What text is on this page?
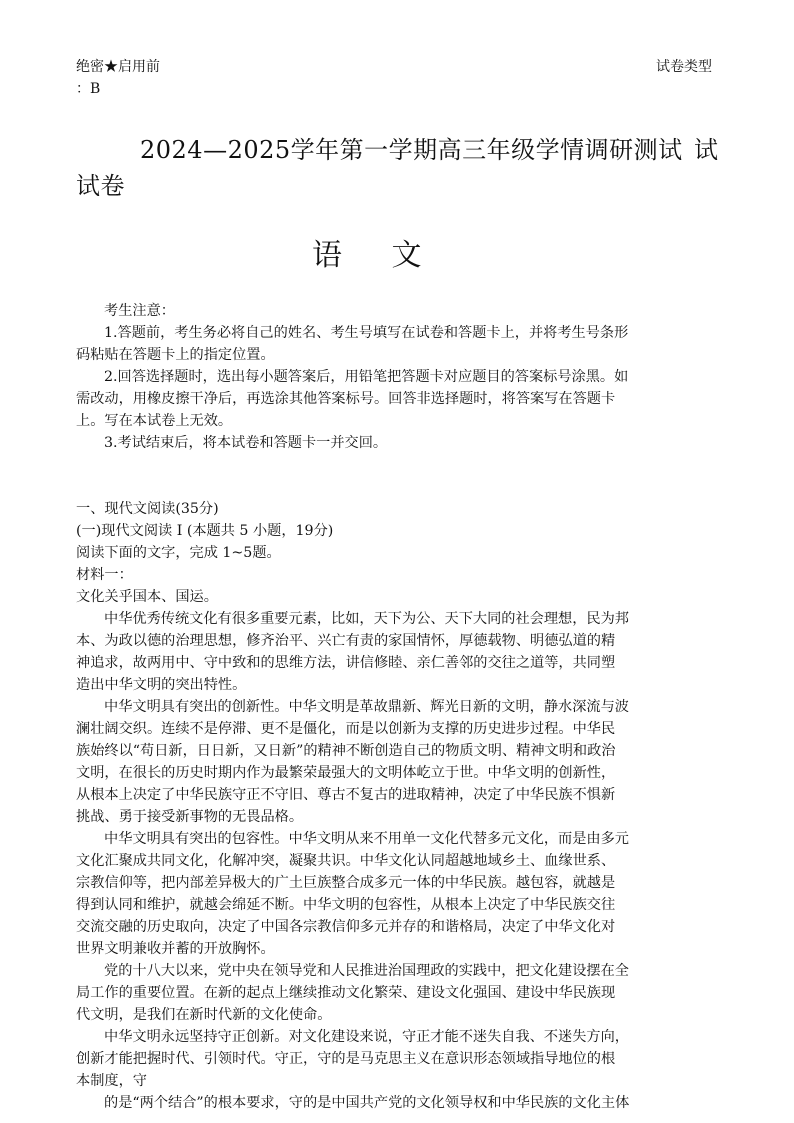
绝密★启用前	试卷类型
：B
2024—2025学年第一学期高三年级学情调研测试 试
试卷
语 文

考生注意：

1.答题前，考生务必将自己的姓名、考生号填写在试卷和答题卡上，并将考生号条形

码粘贴在答题卡上的指定位置。

2.回答选择题时，选出每小题答案后，用铅笔把答题卡对应题目的答案标号涂黑。如

需改动，用橡皮擦干净后，再选涂其他答案标号。回答非选择题时，将答案写在答题卡

上。写在本试卷上无效。

3.考试结束后，将本试卷和答题卡一并交回。

一、现代文阅读(35分)

(一)现代文阅读 I (本题共 5 小题，19分)

阅读下面的文字，完成 1~5题。

材料一：

文化关乎国本、国运。

中华优秀传统文化有很多重要元素，比如，天下为公、天下大同的社会理想，民为邦

本、为政以德的治理思想，修齐治平、兴亡有责的家国情怀，厚德载物、明德弘道的精

神追求，故两用中、守中致和的思维方法，讲信修睦、亲仁善邻的交往之道等，共同塑

造出中华文明的突出特性。

中华文明具有突出的创新性。中华文明是革故鼎新、辉光日新的文明，静水深流与波

澜壮阔交织。连续不是停滞、更不是僵化，而是以创新为支撑的历史进步过程。中华民

族始终以“苟日新，日日新，又日新”的精神不断创造自己的物质文明、精神文明和政治

文明，在很长的历史时期内作为最繁荣最强大的文明体屹立于世。中华文明的创新性，

从根本上决定了中华民族守正不守旧、尊古不复古的进取精神，决定了中华民族不惧新

挑战、勇于接受新事物的无畏品格。

中华文明具有突出的包容性。中华文明从来不用单一文化代替多元文化，而是由多元

文化汇聚成共同文化，化解冲突，凝聚共识。中华文化认同超越地域乡土、血缘世系、

宗教信仰等，把内部差异极大的广土巨族整合成多元一体的中华民族。越包容，就越是

得到认同和维护，就越会绵延不断。中华文明的包容性，从根本上决定了中华民族交往

交流交融的历史取向，决定了中国各宗教信仰多元并存的和谐格局，决定了中华文化对

世界文明兼收并蓄的开放胸怀。

党的十八大以来，党中央在领导党和人民推进治国理政的实践中，把文化建设摆在全

局工作的重要位置。在新的起点上继续推动文化繁荣、建设文化强国、建设中华民族现

代文明，是我们在新时代新的文化使命。

中华文明永远坚持守正创新。对文化建设来说，守正才能不迷失自我、不迷失方向，

创新才能把握时代、引领时代。守正，守的是马克思主义在意识形态领域指导地位的根

本制度，守

的是“两个结合”的根本要求，守的是中国共产党的文化领导权和中华民族的文化主体
